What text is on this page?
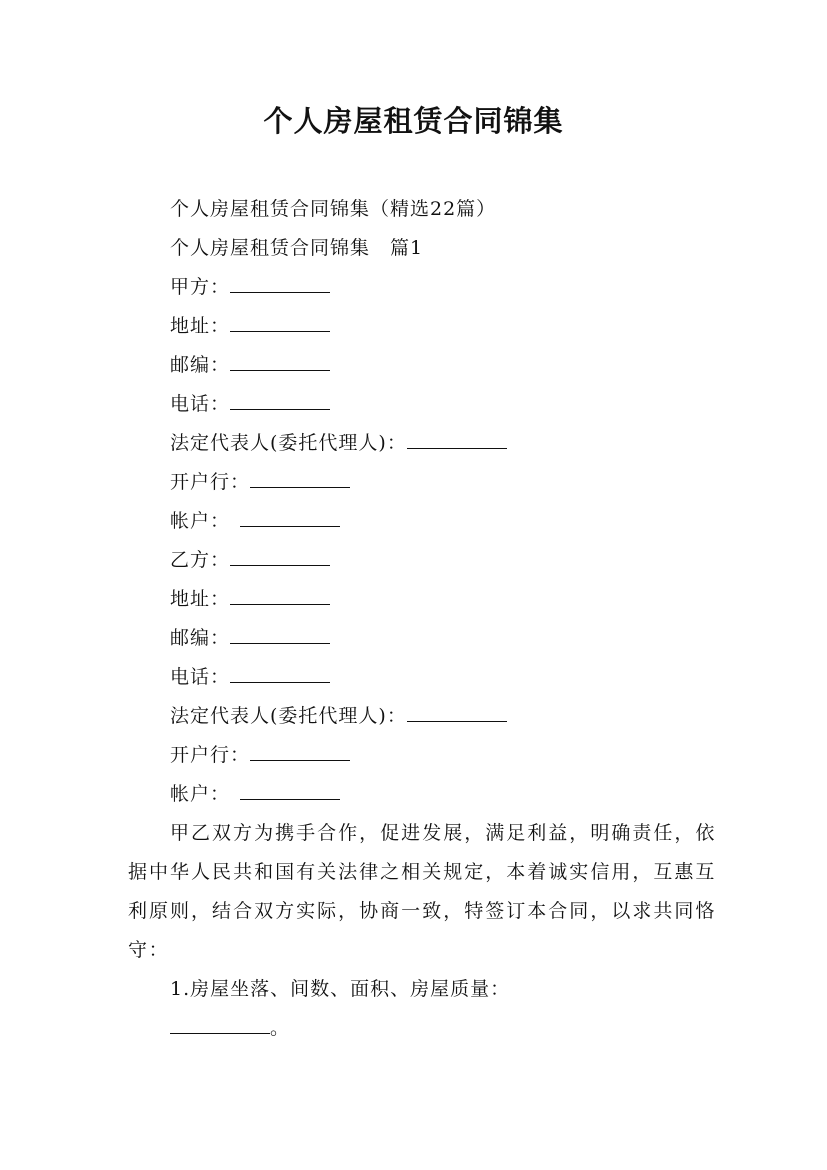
个人房屋租赁合同锦集
个人房屋租赁合同锦集（精选22篇）
个人房屋租赁合同锦集　篇1
甲方：
地址：
邮编：
电话：
法定代表人(委托代理人)：
开户行：
帐户：
乙方：
地址：
邮编：
电话：
法定代表人(委托代理人)：
开户行：
帐户：
甲乙双方为携手合作，促进发展，满足利益，明确责任，依据中华人民共和国有关法律之相关规定，本着诚实信用，互惠互利原则，结合双方实际，协商一致，特签订本合同，以求共同恪守：
1.房屋坐落、间数、面积、房屋质量：
。
